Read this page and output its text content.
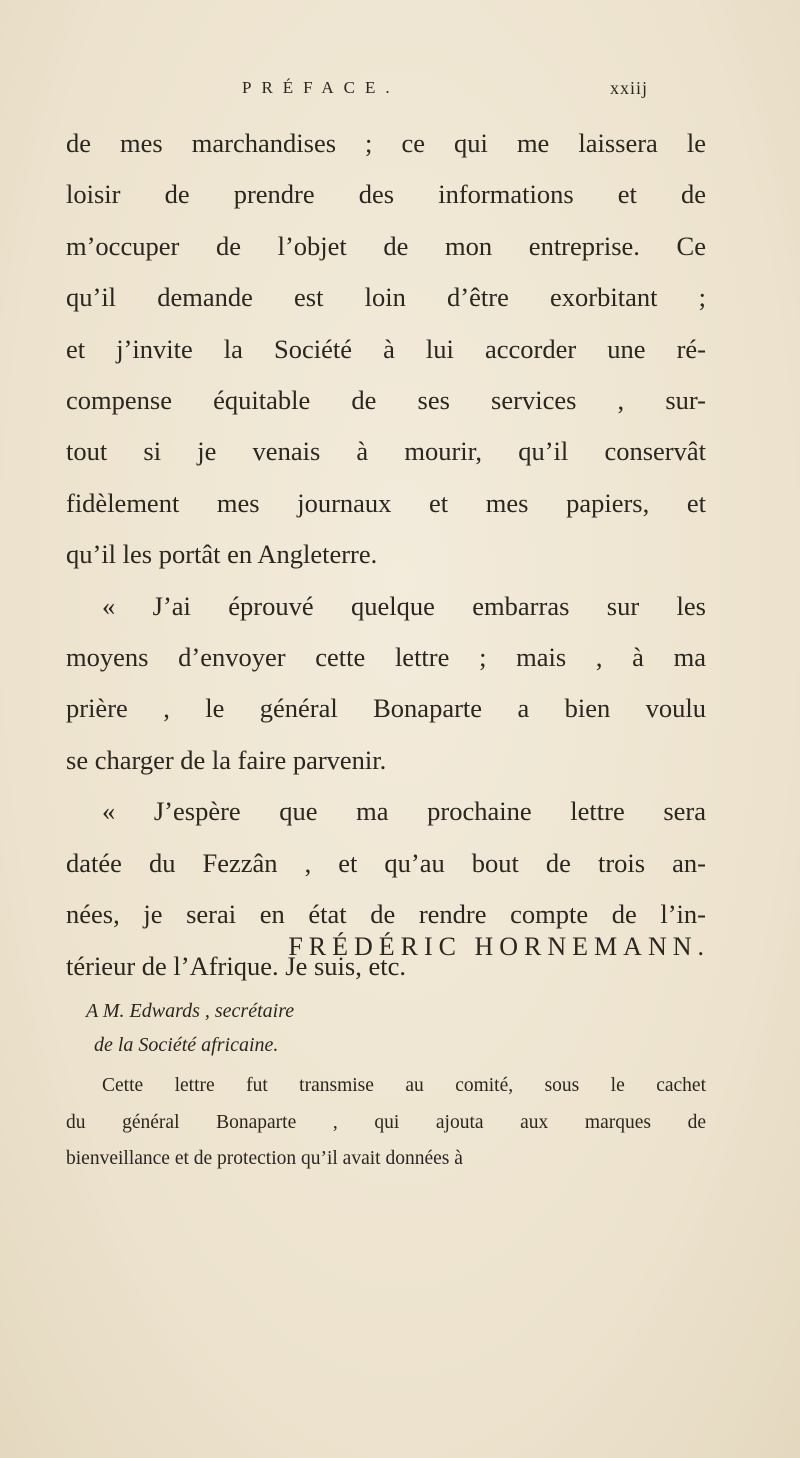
PRÉFACE.	xxiij
de mes marchandises ; ce qui me laissera le
loisir de prendre des informations et de
m’occuper de l’objet de mon entreprise. Ce
qu’il demande est loin d’être exorbitant ;
et j’invite la Société à lui accorder une ré-
compense équitable de ses services , sur-
tout si je venais à mourir, qu’il conservât
fidèlement mes journaux et mes papiers, et
qu’il les portât en Angleterre.
« J’ai éprouvé quelque embarras sur les
moyens d’envoyer cette lettre ; mais , à ma
prière , le général Bonaparte a bien voulu
se charger de la faire parvenir.
« J’espère que ma prochaine lettre sera
datée du Fezzân , et qu’au bout de trois an-
nées, je serai en état de rendre compte de l’in-
térieur de l’Afrique. Je suis, etc.
FRÉDÉRIC HORNEMANN.
A M. Edwards , secrétaire
de la Société africaine.
Cette lettre fut transmise au comité, sous le cachet
du général Bonaparte , qui ajouta aux marques de
bienveillance et de protection qu’il avait données à
